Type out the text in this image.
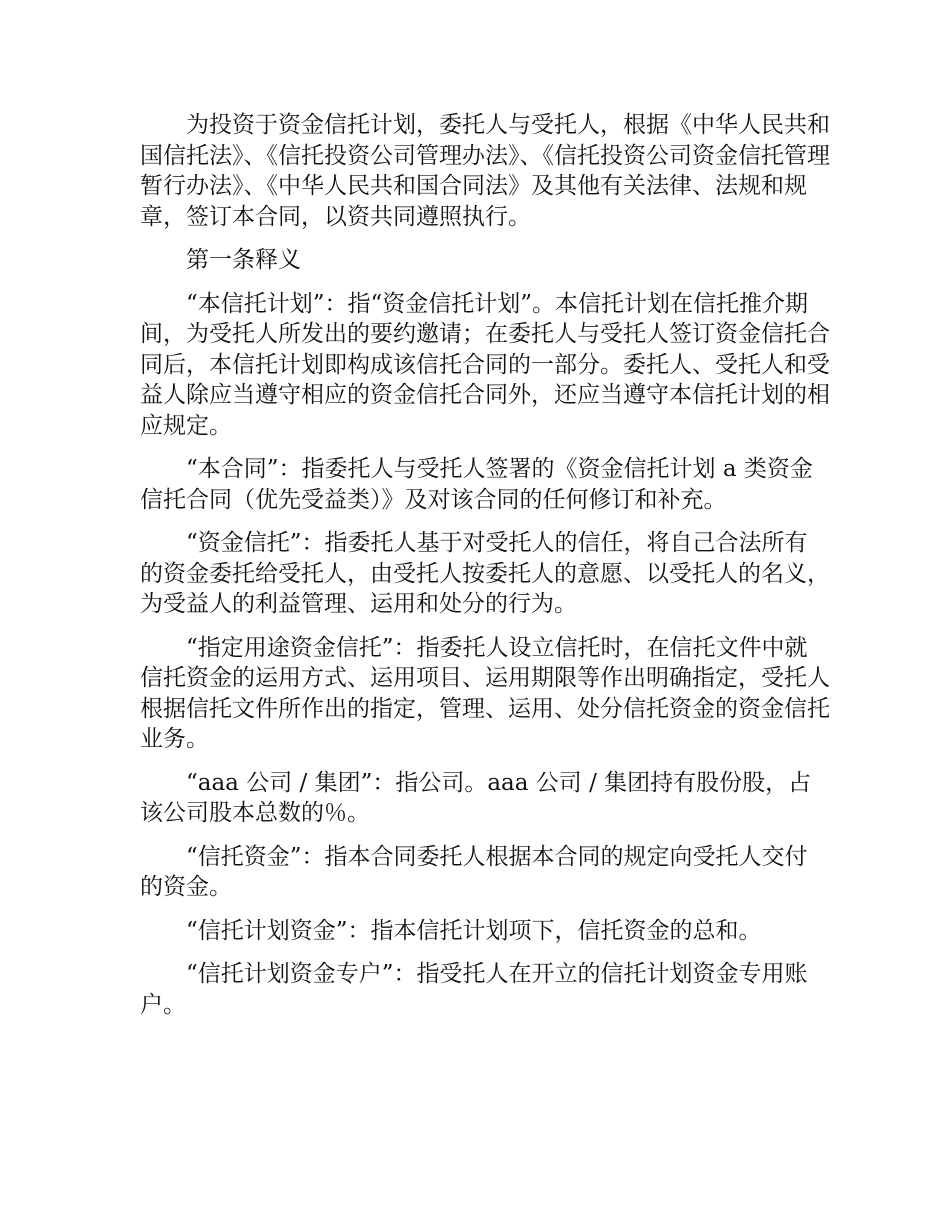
为投资于资金信托计划，委托人与受托人，根据《中华人民共和国信托法》、《信托投资公司管理办法》、《信托投资公司资金信托管理暂行办法》、《中华人民共和国合同法》及其他有关法律、法规和规章，签订本合同，以资共同遵照执行。

第一条释义

“本信托计划”：指“资金信托计划”。本信托计划在信托推介期间，为受托人所发出的要约邀请；在委托人与受托人签订资金信托合同后，本信托计划即构成该信托合同的一部分。委托人、受托人和受益人除应当遵守相应的资金信托合同外，还应当遵守本信托计划的相应规定。

“本合同”：指委托人与受托人签署的《资金信托计划 a 类资金信托合同（优先受益类）》及对该合同的任何修订和补充。

“资金信托”：指委托人基于对受托人的信任，将自己合法所有的资金委托给受托人，由受托人按委托人的意愿、以受托人的名义，为受益人的利益管理、运用和处分的行为。

“指定用途资金信托”：指委托人设立信托时，在信托文件中就信托资金的运用方式、运用项目、运用期限等作出明确指定，受托人根据信托文件所作出的指定，管理、运用、处分信托资金的资金信托业务。

“aaa 公司 / 集团”：指公司。aaa 公司 / 集团持有股份股，占该公司股本总数的％。

“信托资金”：指本合同委托人根据本合同的规定向受托人交付的资金。

“信托计划资金”：指本信托计划项下，信托资金的总和。

“信托计划资金专户”：指受托人在开立的信托计划资金专用账户。
